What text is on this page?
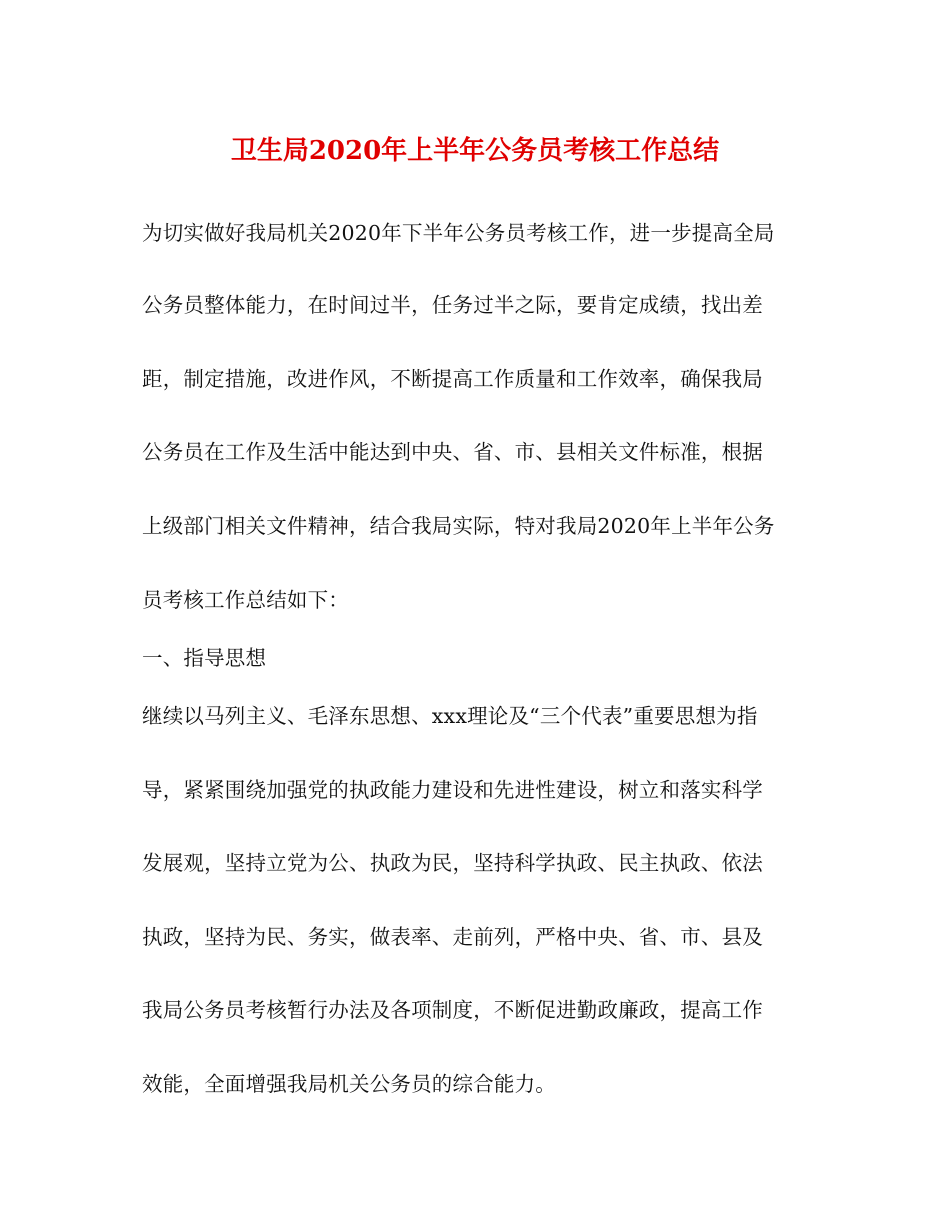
卫生局2020年上半年公务员考核工作总结
为切实做好我局机关2020年下半年公务员考核工作，进一步提高全局
公务员整体能力，在时间过半，任务过半之际，要肯定成绩，找出差
距，制定措施，改进作风，不断提高工作质量和工作效率，确保我局
公务员在工作及生活中能达到中央、省、市、县相关文件标准，根据
上级部门相关文件精神，结合我局实际，特对我局2020年上半年公务
员考核工作总结如下：
一、指导思想
继续以马列主义、毛泽东思想、xxx理论及“三个代表”重要思想为指
导，紧紧围绕加强党的执政能力建设和先进性建设，树立和落实科学
发展观，坚持立党为公、执政为民，坚持科学执政、民主执政、依法
执政，坚持为民、务实，做表率、走前列，严格中央、省、市、县及
我局公务员考核暂行办法及各项制度，不断促进勤政廉政，提高工作
效能，全面增强我局机关公务员的综合能力。
